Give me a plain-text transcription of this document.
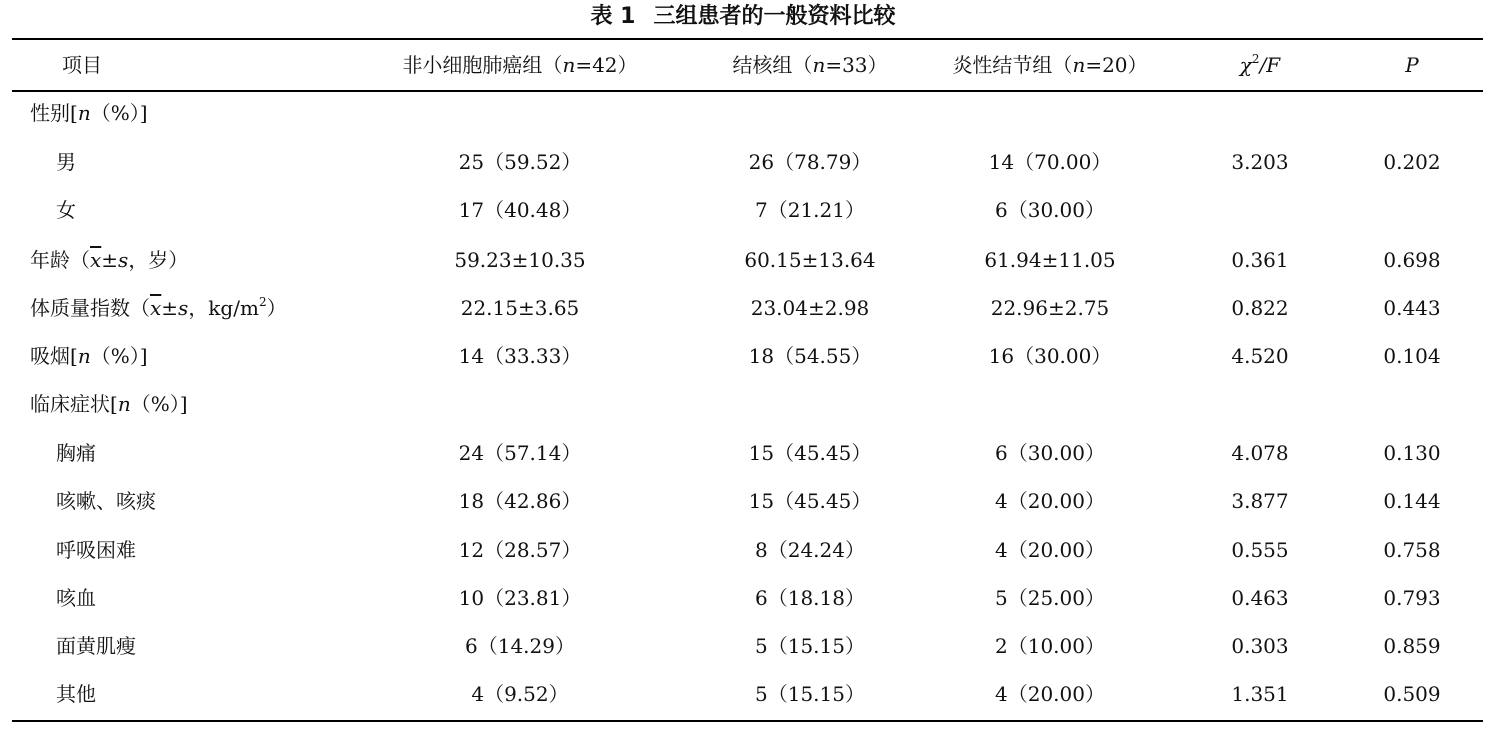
表 1 三组患者的一般资料比较
项目	非小细胞肺癌组（n=42）	结核组（n=33）	炎性结节组（n=20）	$\chi^2/F$	P
性别[n（%）]
男	25（59.52）	26（78.79）	14（70.00）	3.203	0.202
女	17（40.48）	7（21.21）	6（30.00）
年龄（$\overline{x}\pm s$，岁）	59.23±10.35	60.15±13.64	61.94±11.05	0.361	0.698
体质量指数（$\overline{x}\pm s$，$kg/m^2$）	22.15±3.65	23.04±2.98	22.96±2.75	0.822	0.443
吸烟[n（%）]	14（33.33）	18（54.55）	16（30.00）	4.520	0.104
临床症状[n（%）]
胸痛	24（57.14）	15（45.45）	6（30.00）	4.078	0.130
咳嗽、咳痰	18（42.86）	15（45.45）	4（20.00）	3.877	0.144
呼吸困难	12（28.57）	8（24.24）	4（20.00）	0.555	0.758
咳血	10（23.81）	6（18.18）	5（25.00）	0.463	0.793
面黄肌瘦	6（14.29）	5（15.15）	2（10.00）	0.303	0.859
其他	4（9.52）	5（15.15）	4（20.00）	1.351	0.509
